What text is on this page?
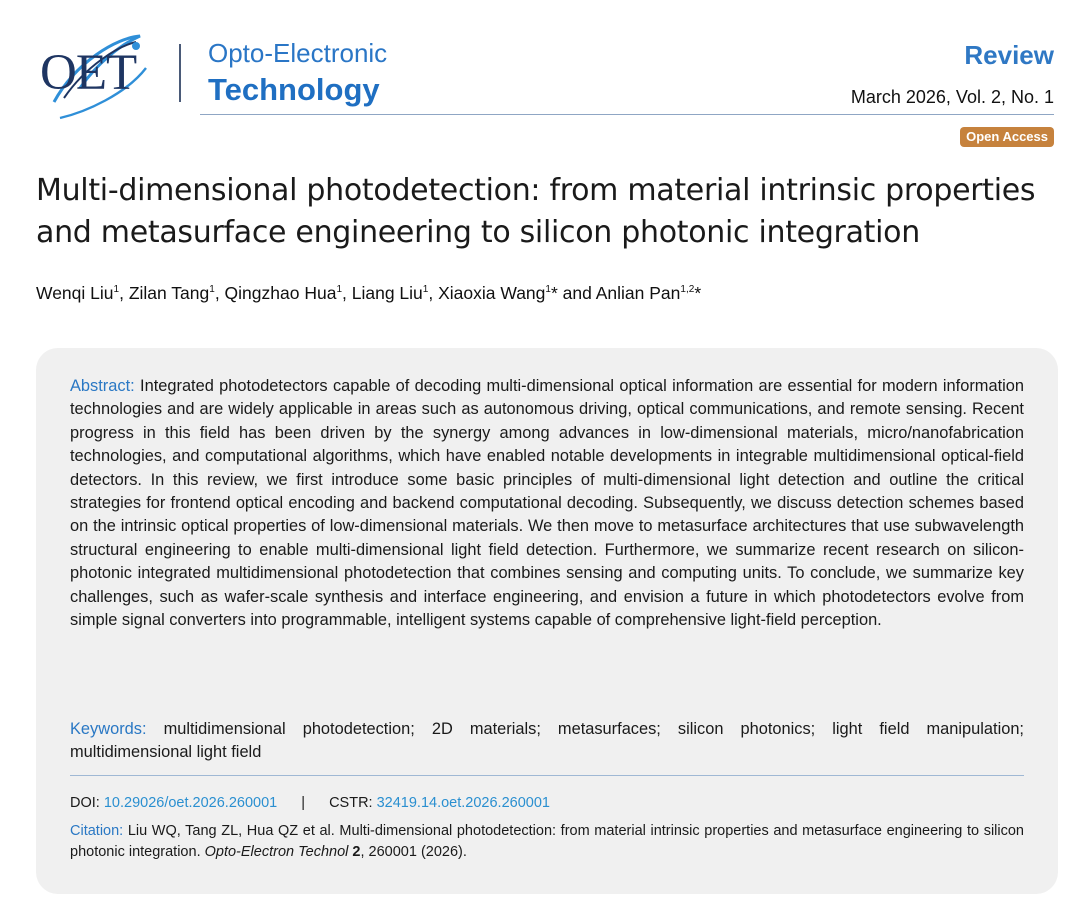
OET	Opto-Electronic
Technology
Review
March 2026, Vol. 2, No. 1
Open Access
Multi-dimensional photodetection: from material intrinsic properties and metasurface engineering to silicon photonic integration
Wenqi Liu$^1$, Zilan Tang$^1$, Qingzhao Hua$^1$, Liang Liu$^1$, Xiaoxia Wang$^1$* and Anlian Pan$^{1,2}$*

Abstract: Integrated photodetectors capable of decoding multi-dimensional optical information are essential for modern information technologies and are widely applicable in areas such as autonomous driving, optical communications, and remote sensing. Recent progress in this field has been driven by the synergy among advances in low-dimensional materials, micro/nanofabrication technologies, and computational algorithms, which have enabled notable developments in integrable multidimensional optical-field detectors. In this review, we first introduce some basic principles of multi-dimensional light detection and outline the critical strategies for frontend optical encoding and backend computational decoding. Subsequently, we discuss detection schemes based on the intrinsic optical properties of low-dimensional materials. We then move to metasurface architectures that use subwavelength structural engineering to enable multi-dimensional light field detection. Furthermore, we summarize recent research on silicon-photonic integrated multidimensional photodetection that combines sensing and computing units. To conclude, we summarize key challenges, such as wafer-scale synthesis and interface engineering, and envision a future in which photodetectors evolve from simple signal converters into programmable, intelligent systems capable of comprehensive light-field perception.

Keywords: multidimensional photodetection; 2D materials; metasurfaces; silicon photonics; light field manipulation; multidimensional light field

DOI: 10.29026/oet.2026.260001 | CSTR: 32419.14.oet.2026.260001

Citation: Liu WQ, Tang ZL, Hua QZ et al. Multi-dimensional photodetection: from material intrinsic properties and metasurface engineering to silicon photonic integration. Opto-Electron Technol 2, 260001 (2026).
